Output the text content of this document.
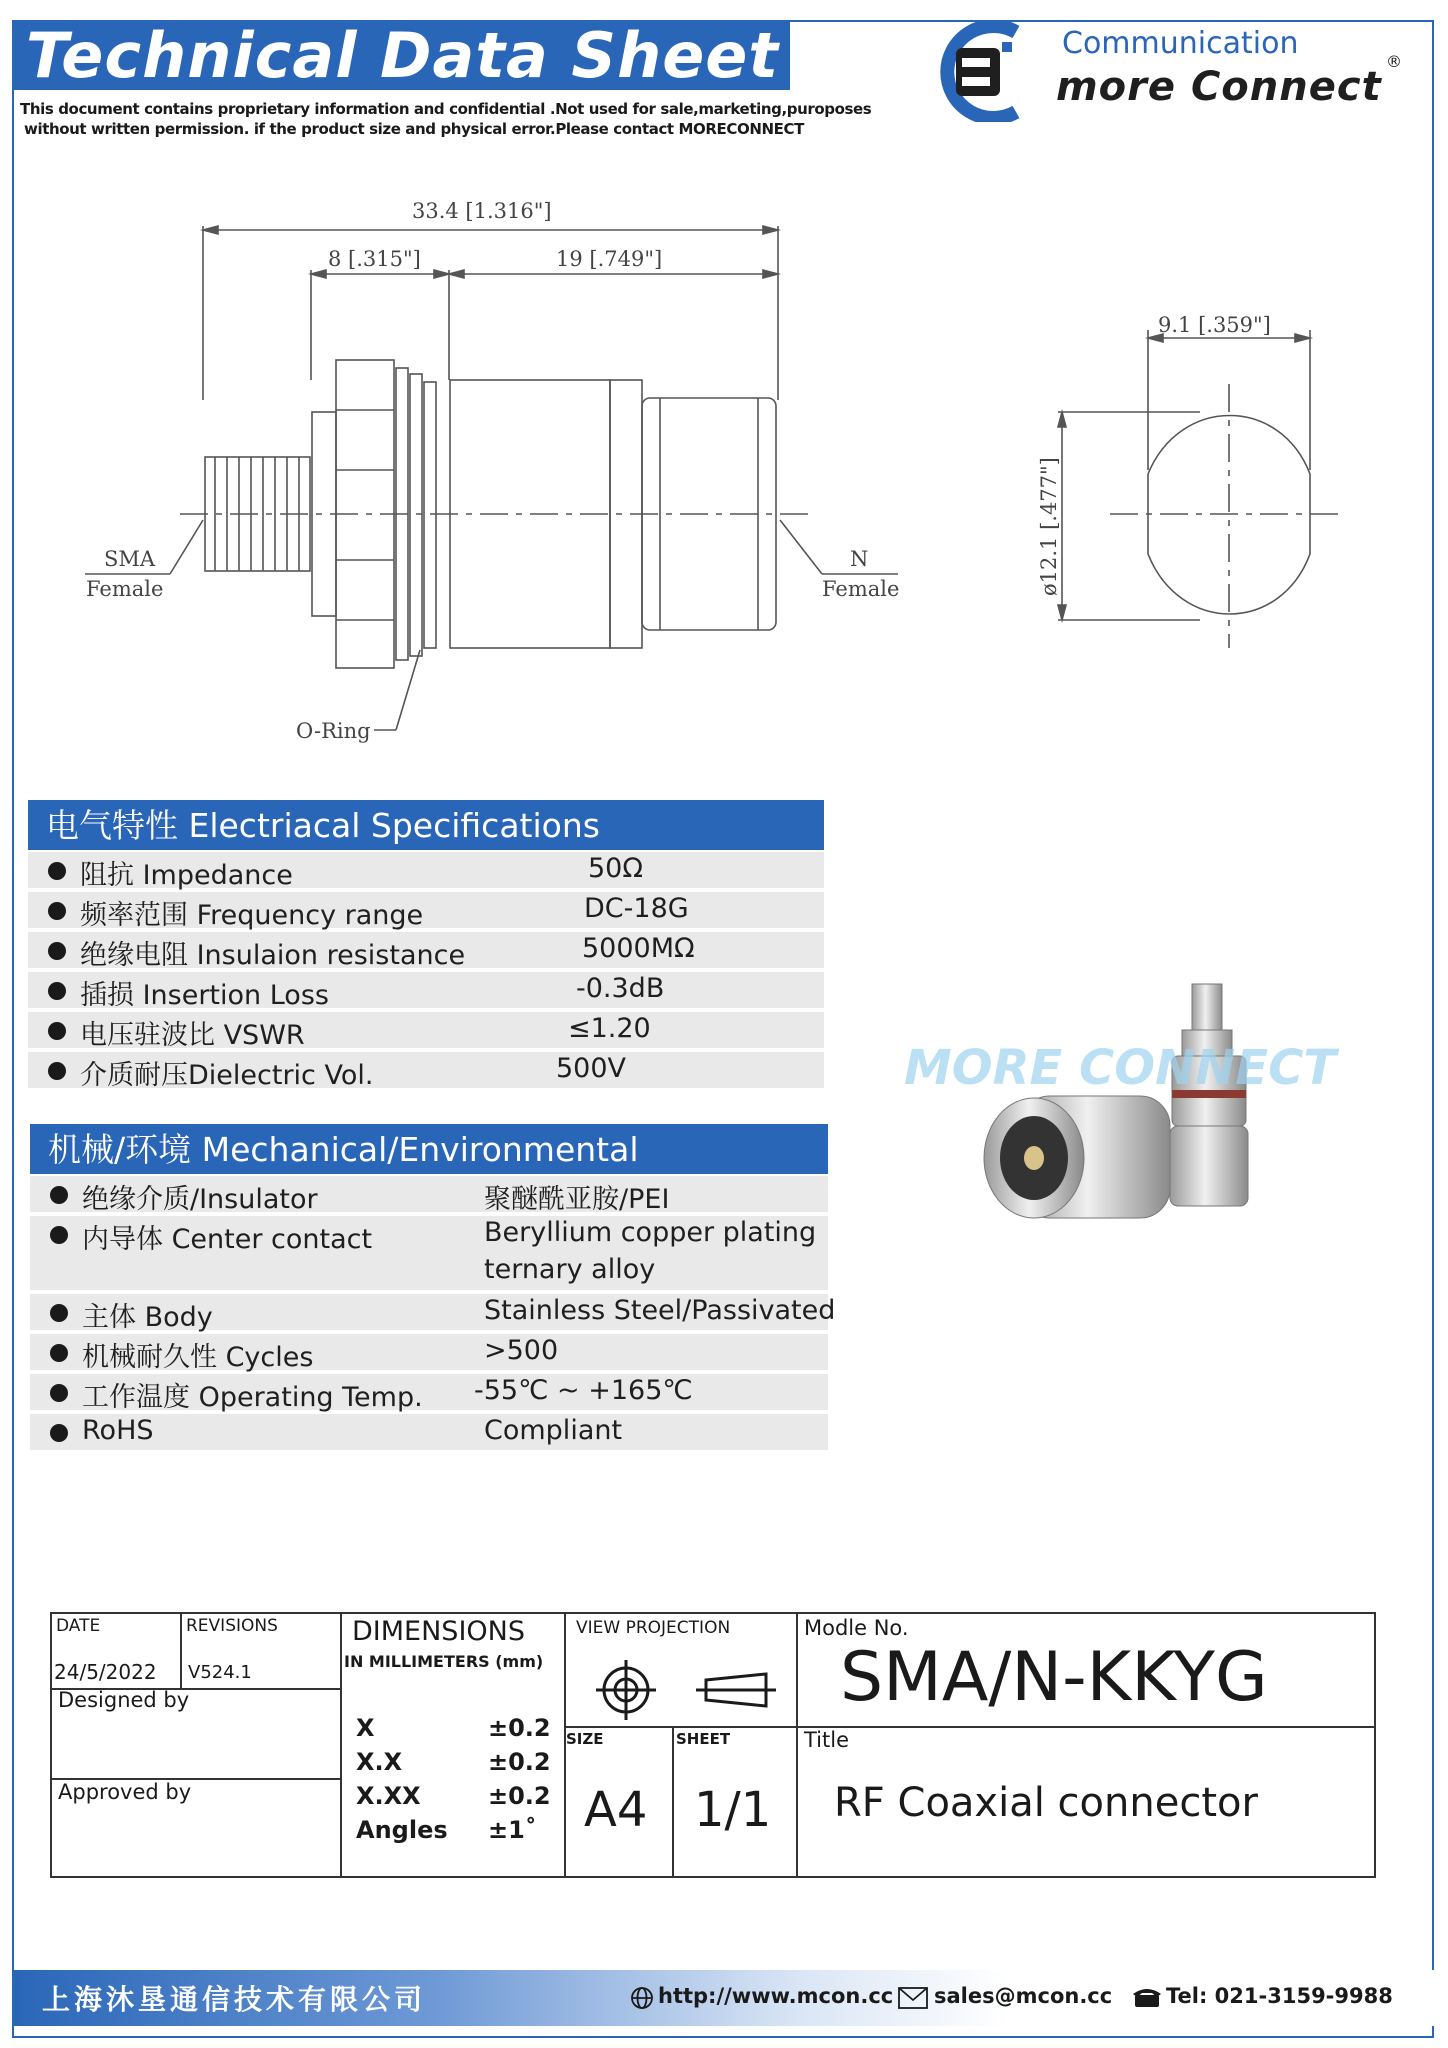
Technical Data Sheet
This document contains proprietary information and confidential .Not used for sale,marketing,puroposes
without written permission. if the product size and physical error.Please contact MORECONNECT
Communication
more Connect
®
33.4 [1.316"]
8 [.315"]	19 [.749"]
9.1 [.359"]
ø12.1 [.477"]
SMA
Female
N
Female
O-Ring
电气特性 Electriacal Specifications
阻抗 Impedance	50Ω
频率范围 Frequency range	DC-18G
绝缘电阻 Insulaion resistance	5000MΩ
插损 Insertion Loss	-0.3dB
电压驻波比 VSWR	≤1.20
介质耐压Dielectric Vol.	500V
机械/环境 Mechanical/Environmental
绝缘介质/Insulator	聚醚酰亚胺/PEI
内导体 Center contact	Beryllium copper plating
ternary alloy
主体 Body	Stainless Steel/Passivated
机械耐久性 Cycles	>500
工作温度 Operating Temp. -55℃ ~ +165℃
RoHS	Compliant
MORE CONNECT
DATE
24/5/2022
REVISIONS
V524.1
Designed by
Approved by
DIMENSIONS
IN MILLIMETERS (mm)
X	±0.2
X.X	±0.2
X.XX	±0.2
Angles ±1˚
VIEW PROJECTION
SIZE
A4
SHEET
1/1
Modle No.
SMA/N-KKYG
Title
RF Coaxial connector
上海沐垦通信技术有限公司	http://www.mcon.cc sales@mcon.cc	Tel: 021-3159-9988
